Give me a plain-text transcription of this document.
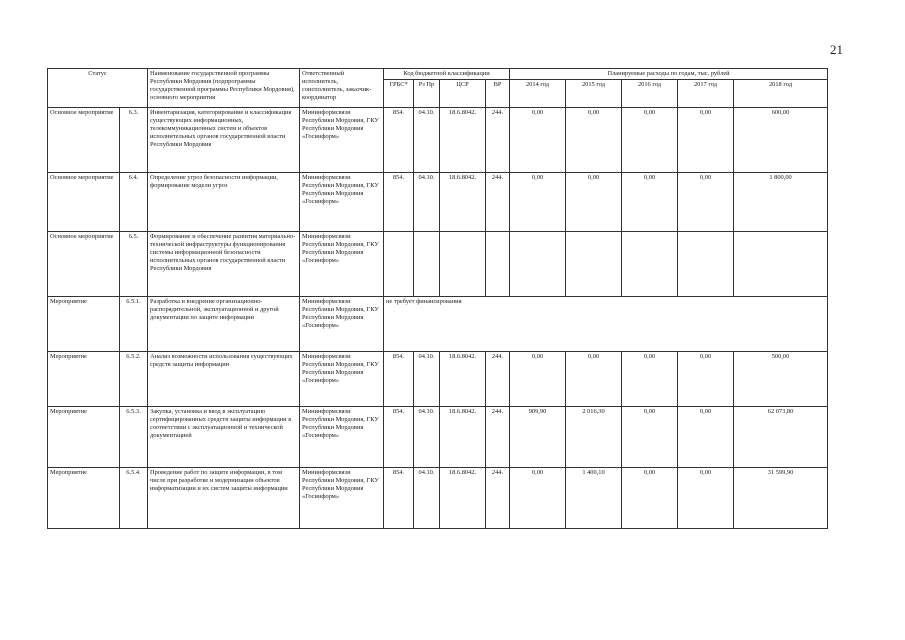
21
Статус		Наименование государственной программы Республики Мордовия (подпрограммы государственной программы Республики Мордовия), основного мероприятия	Ответственный исполнитель, соисполнитель, заказчик-координатор	Код бюджетной классификации				Планируемые расходы по годам, тыс. рублей				
				ГРБС*	Рз Пр	ЦСР	ВР	2014 год	2015 год	2016 год	2017 год	2018 год
Основное мероприятие	6.3.	Инвентаризация, категорирование и классификация существующих информационных, телекоммуникационных систем и объектов исполнительных органов государственной власти Республики Мордовия	Мининформсвязи Республики Мордовия, ГКУ Республики Мордовия «Госинформ»	854.	04.10.	18.6.8042.	244.	0,00	0,00	0,00	0,00	600,00
Основное мероприятие	6.4.	Определение угроз безопасности информации, формирование модели угроз	Мининформсвязи Республики Мордовия, ГКУ Республики Мордовия «Госинформ»	854.	04.10.	18.6.8042.	244.	0,00	0,00	0,00	0,00	1 800,00
Основное мероприятие	6.5.	Формирование и обеспечение развития материально-технической инфраструктуры функционирования системы информационной безопасности исполнительных органов государственной власти Республики Мордовия	Мининформсвязи Республики Мордовия, ГКУ Республики Мордовия «Госинформ»									
Мероприятие	6.5.1.	Разработка и внедрение организационно-распорядительной, эксплуатационной и другой документации по защите информации	Мининформсвязи Республики Мордовия, ГКУ Республики Мордовия «Госинформ»	не требует финансирования								
Мероприятие	6.5.2.	Анализ возможности использования существующих средств защиты информации	Мининформсвязи Республики Мордовия, ГКУ Республики Мордовия «Госинформ»	854.	04.10.	18.6.8042.	244.	0,00	0,00	0,00	0,00	500,00
Мероприятие	6.5.3.	Закупка, установка и ввод в эксплуатацию сертифицированных средств защиты информации в соответствии с эксплуатационной и технической документацией	Мининформсвязи Республики Мордовия, ГКУ Республики Мордовия «Госинформ»	854.	04.10.	18.6.8042.	244.	909,90	2 016,30	0,00	0,00	62 073,80
Мероприятие	6.5.4.	Проведение работ по защите информации, в том числе при разработке и модернизации объектов информатизации и их систем защиты информации	Мининформсвязи Республики Мордовия, ГКУ Республики Мордовия «Госинформ»	854.	04.10.	18.6.8042.	244.	0,00	1 400,10	0,00	0,00	31 599,90
